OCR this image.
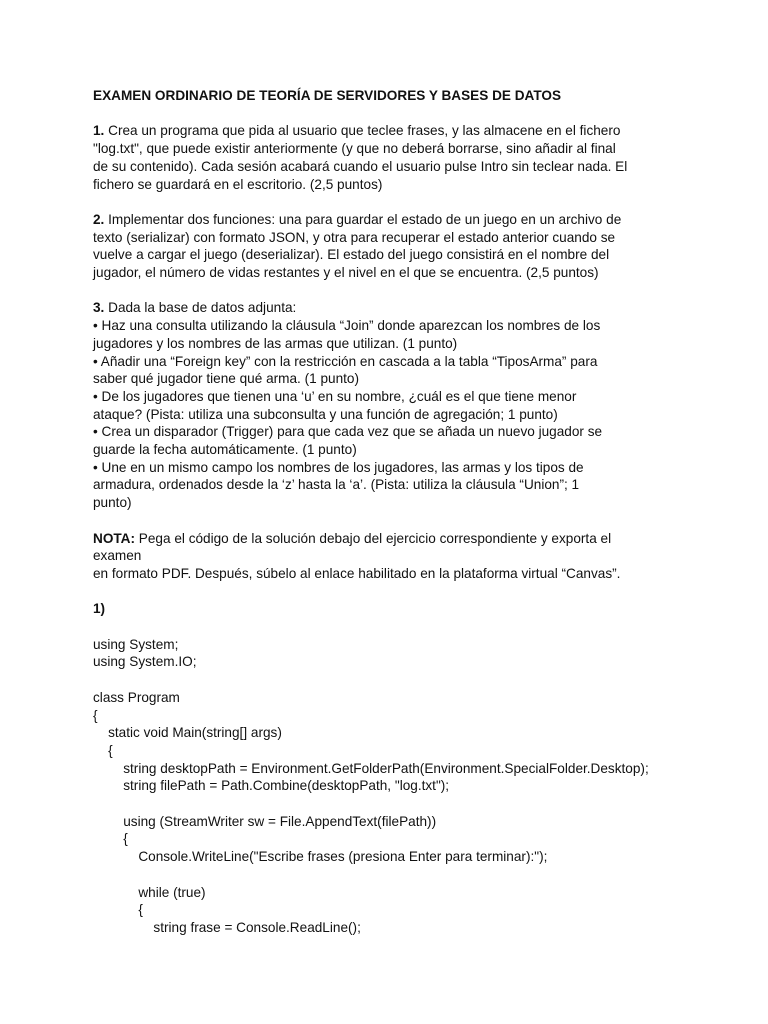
EXAMEN ORDINARIO DE TEORÍA DE SERVIDORES Y BASES DE DATOS

1. Crea un programa que pida al usuario que teclee frases, y las almacene en el fichero

"log.txt", que puede existir anteriormente (y que no deberá borrarse, sino añadir al final

de su contenido). Cada sesión acabará cuando el usuario pulse Intro sin teclear nada. El

fichero se guardará en el escritorio. (2,5 puntos)

2. Implementar dos funciones: una para guardar el estado de un juego en un archivo de

texto (serializar) con formato JSON, y otra para recuperar el estado anterior cuando se

vuelve a cargar el juego (deserializar). El estado del juego consistirá en el nombre del

jugador, el número de vidas restantes y el nivel en el que se encuentra. (2,5 puntos)

3. Dada la base de datos adjunta:

• Haz una consulta utilizando la cláusula “Join” donde aparezcan los nombres de los

jugadores y los nombres de las armas que utilizan. (1 punto)

• Añadir una “Foreign key” con la restricción en cascada a la tabla “TiposArma” para

saber qué jugador tiene qué arma. (1 punto)

• De los jugadores que tienen una ‘u’ en su nombre, ¿cuál es el que tiene menor

ataque? (Pista: utiliza una subconsulta y una función de agregación; 1 punto)

• Crea un disparador (Trigger) para que cada vez que se añada un nuevo jugador se

guarde la fecha automáticamente. (1 punto)

• Une en un mismo campo los nombres de los jugadores, las armas y los tipos de

armadura, ordenados desde la ‘z’ hasta la ‘a’. (Pista: utiliza la cláusula “Union”; 1

punto)

NOTA: Pega el código de la solución debajo del ejercicio correspondiente y exporta el

examen

en formato PDF. Después, súbelo al enlace habilitado en la plataforma virtual “Canvas”.

1)

using System;

using System.IO;

class Program

{

static void Main(string[] args)

{

string desktopPath = Environment.GetFolderPath(Environment.SpecialFolder.Desktop);

string filePath = Path.Combine(desktopPath, "log.txt");

using (StreamWriter sw = File.AppendText(filePath))

{

Console.WriteLine("Escribe frases (presiona Enter para terminar):");

while (true)

{

string frase = Console.ReadLine();
